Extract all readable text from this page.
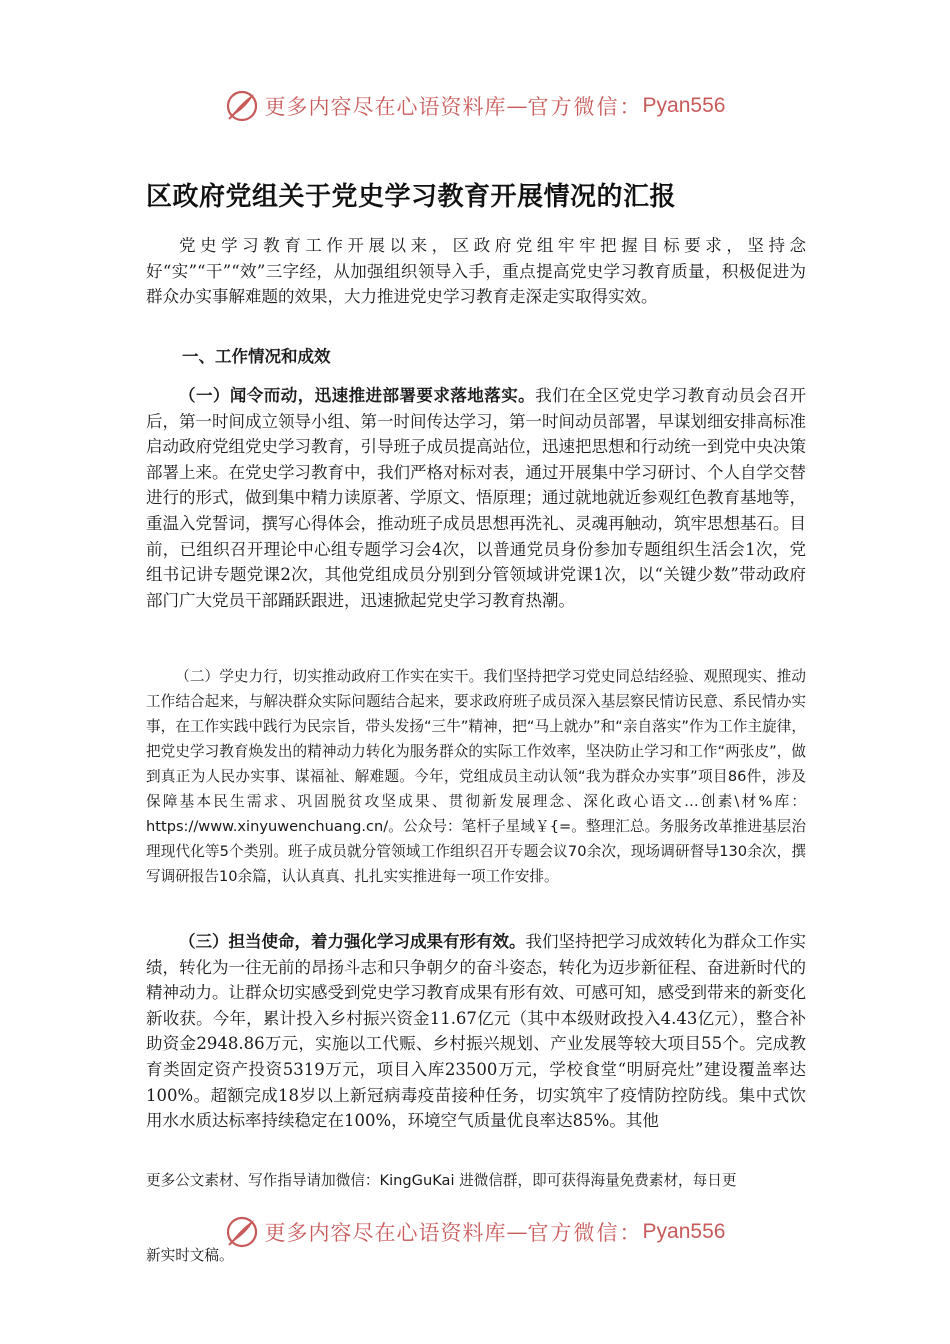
更多内容尽在心语资料库 — 官方微信： Pyan556
区政府党组关于党史学习教育开展情况的汇报

党史学习教育工作开展以来，区政府党组牢牢把握目标要求，坚持念好“实”“干”“效”三字经，从加强组织领导入手，重点提高党史学习教育质量，积极促进为群众办实事解难题的效果，大力推进党史学习教育走深走实取得实效。

一、工作情况和成效

（一）闻令而动，迅速推进部署要求落地落实。我们在全区党史学习教育动员会召开后，第一时间成立领导小组、第一时间传达学习，第一时间动员部署，早谋划细安排高标准启动政府党组党史学习教育，引导班子成员提高站位，迅速把思想和行动统一到党中央决策部署上来。在党史学习教育中，我们严格对标对表，通过开展集中学习研讨、个人自学交替进行的形式，做到集中精力读原著、学原文、悟原理；通过就地就近参观红色教育基地等，重温入党誓词，撰写心得体会，推动班子成员思想再洗礼、灵魂再触动，筑牢思想基石。目前，已组织召开理论中心组专题学习会4次，以普通党员身份参加专题组织生活会1次，党组书记讲专题党课2次，其他党组成员分别到分管领域讲党课1次，以“关键少数”带动政府部门广大党员干部踊跃跟进，迅速掀起党史学习教育热潮。

（二）学史力行，切实推动政府工作实在实干。我们坚持把学习党史同总结经验、观照现实、推动工作结合起来，与解决群众实际问题结合起来，要求政府班子成员深入基层察民情访民意、系民情办实事，在工作实践中践行为民宗旨，带头发扬“三牛”精神，把“马上就办”和“亲自落实”作为工作主旋律，把党史学习教育焕发出的精神动力转化为服务群众的实际工作效率，坚决防止学习和工作“两张皮”，做到真正为人民办实事、谋福祉、解难题。今年，党组成员主动认领“我为群众办实事”项目86件，涉及保障基本民生需求、巩固脱贫攻坚成果、贯彻新发展理念、深化政心语文…创素\材%库：https://www.xinyuwenchuang.cn/。公众号：笔杆子星域￥{=。整理汇总。务服务改革推进基层治理现代化等5个类别。班子成员就分管领域工作组织召开专题会议70余次，现场调研督导130余次，撰写调研报告10余篇，认认真真、扎扎实实推进每一项工作安排。

（三）担当使命，着力强化学习成果有形有效。我们坚持把学习成效转化为群众工作实绩，转化为一往无前的昂扬斗志和只争朝夕的奋斗姿态，转化为迈步新征程、奋进新时代的精神动力。让群众切实感受到党史学习教育成果有形有效、可感可知，感受到带来的新变化新收获。今年，累计投入乡村振兴资金11.67亿元（其中本级财政投入4.43亿元），整合补助资金2948.86万元，实施以工代赈、乡村振兴规划、产业发展等较大项目55个。完成教育类固定资产投资5319万元，项目入库23500万元，学校食堂“明厨亮灶”建设覆盖率达100%。超额完成18岁以上新冠病毒疫苗接种任务，切实筑牢了疫情防控防线。集中式饮用水水质达标率持续稳定在100%，环境空气质量优良率达85%。其他

更多公文素材、写作指导请加微信：KingGuKai 进微信群，即可获得海量免费素材，每日更

更多内容尽在心语资料库 — 官方微信： Pyan556

新实时文稿。
